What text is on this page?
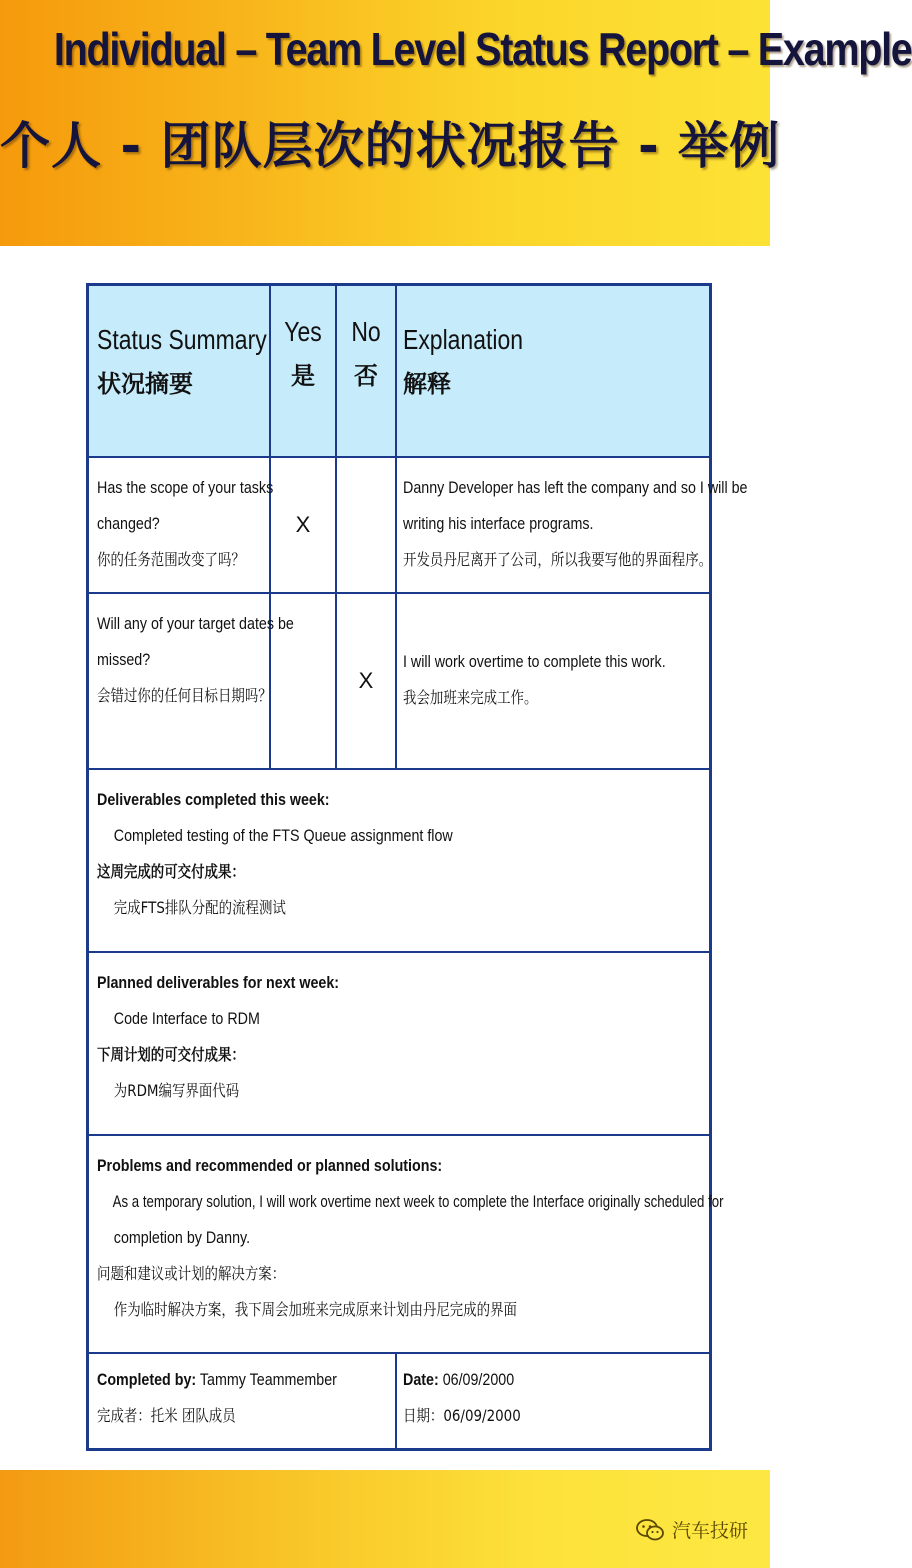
Individual – Team Level Status Report – Example
个人 - 团队层次的状况报告 - 举例
Status Summary
状况摘要
Yes
是
No
否
Explanation
解释
Has the scope of your tasks
changed?
你的任务范围改变了吗？
X
Danny Developer has left the company and so I will be
writing his interface programs.
开发员丹尼离开了公司，所以我要写他的界面程序。
Will any of your target dates be
missed?
会错过你的任何目标日期吗？
X
I will work overtime to complete this work.
我会加班来完成工作。
Deliverables completed this week:
Completed testing of the FTS Queue assignment flow
这周完成的可交付成果：
完成FTS排队分配的流程测试
Planned deliverables for next week:
Code Interface to RDM
下周计划的可交付成果：
为RDM编写界面代码
Problems and recommended or planned solutions:
As a temporary solution, I will work overtime next week to complete the Interface originally scheduled for
completion by Danny.
问题和建议或计划的解决方案：
作为临时解决方案，我下周会加班来完成原来计划由丹尼完成的界面
Completed by: Tammy Teammember
完成者：托米 团队成员
Date: 06/09/2000
日期：06/09/2000
汽车技研
